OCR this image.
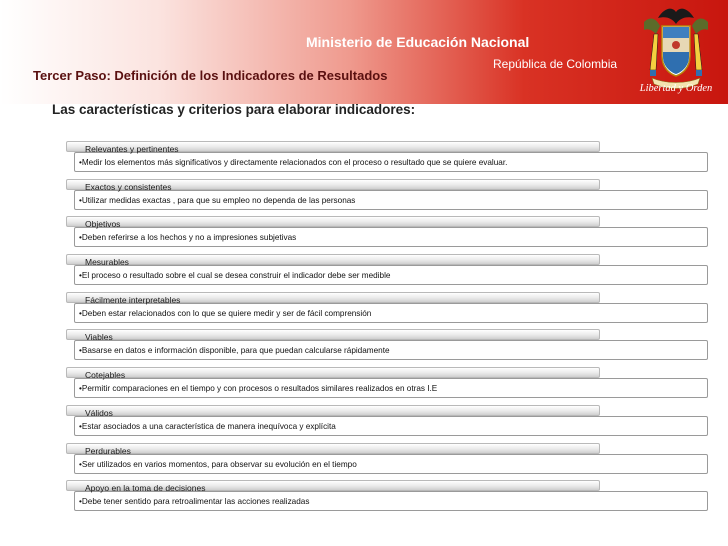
Ministerio de Educación Nacional
República de Colombia
Tercer Paso: Definición de los Indicadores de Resultados
Libertad y Orden
Las características y criterios para elaborar indicadores:
•Medir los elementos más significativos y directamente relacionados con el proceso o resultado que se quiere evaluar.
Relevantes y pertinentes
•Utilizar medidas exactas , para que su empleo no dependa de las personas
Exactos y consistentes
•Deben referirse a los hechos y no a impresiones subjetivas
Objetivos
•El proceso o resultado sobre el cual se desea construir el indicador debe ser medible
Mesurables
•Deben estar relacionados con lo que se quiere medir y ser de fácil comprensión
Fácilmente interpretables
•Basarse en datos e información disponible, para que puedan calcularse rápidamente
Viables
•Permitir comparaciones en el tiempo y con procesos o resultados similares realizados en otras I.E
Cotejables
•Estar asociados a una característica de manera inequívoca y explícita
Válidos
•Ser utilizados en varios momentos, para observar su evolución en el tiempo
Perdurables
•Debe tener sentido para retroalimentar las acciones realizadas
Apoyo en la toma de decisiones
